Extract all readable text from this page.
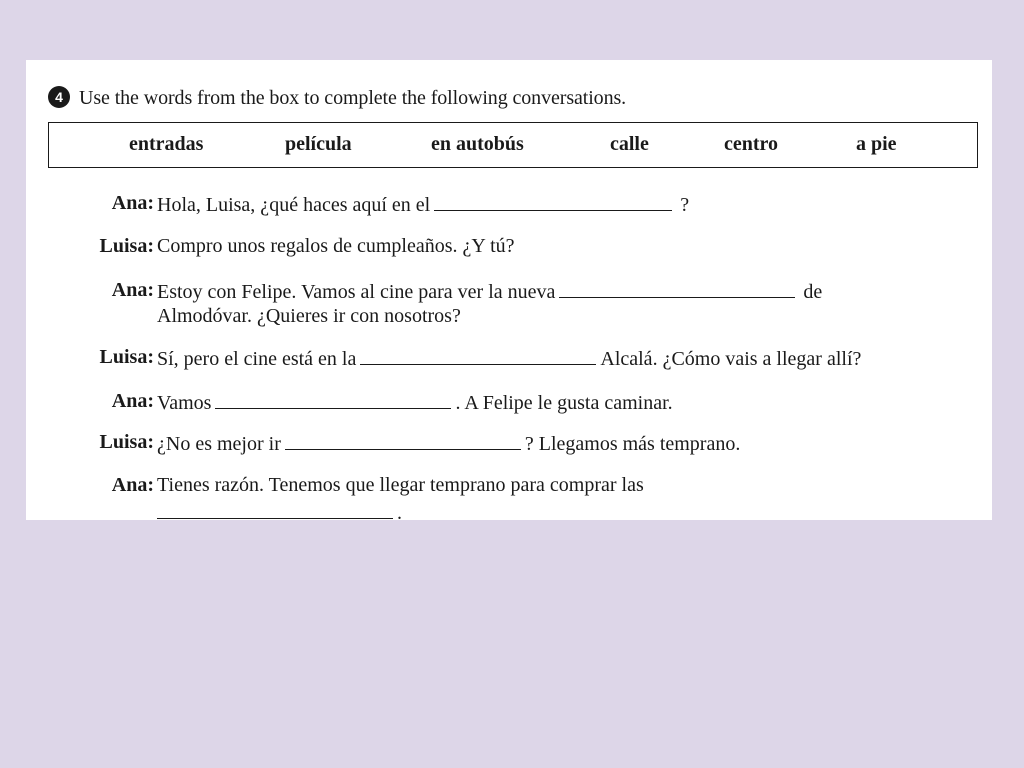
4 Use the words from the box to complete the following conversations.
entradas	película	en autobús	calle	centro	a pie
Ana: Hola, Luisa, ¿qué haces aquí en el	?
Luisa: Compro unos regalos de cumpleaños. ¿Y tú?
Ana: Estoy con Felipe. Vamos al cine para ver la nueva	de
Almodóvar. ¿Quieres ir con nosotros?
Luisa: Sí, pero el cine está en la	Alcalá. ¿Cómo vais a llegar allí?
Ana: Vamos	. A Felipe le gusta caminar.
Luisa: ¿No es mejor ir	? Llegamos más temprano.
Ana: Tienes razón. Tenemos que llegar temprano para comprar las
.
